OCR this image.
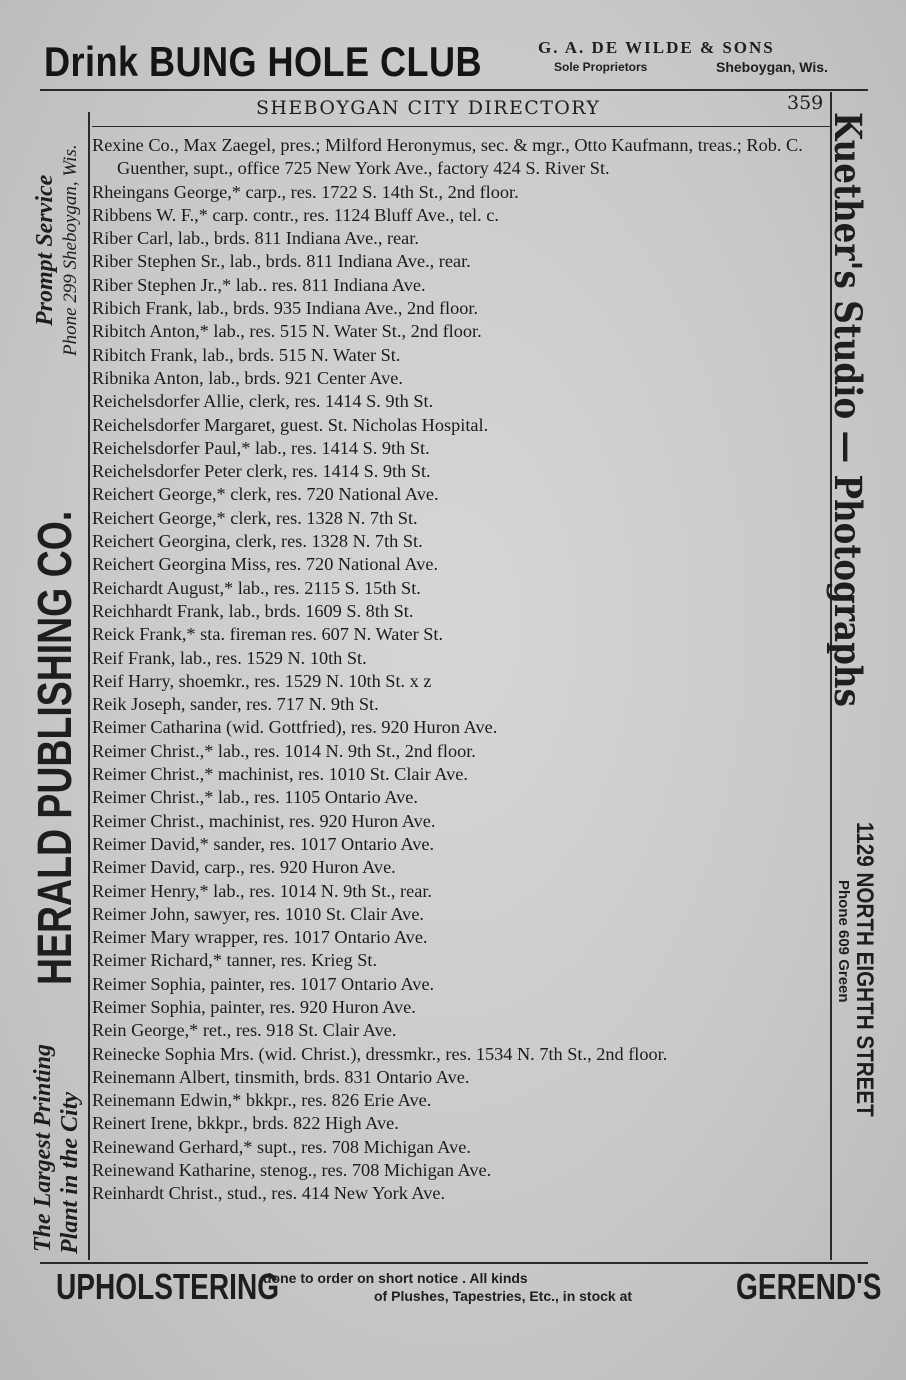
Drink BUNG HOLE CLUB	G. A. DE WILDE & SONS
Sole Proprietors	Sheboygan, Wis.
SHEBOYGAN CITY DIRECTORY	359
Prompt Service Phone 299 Sheboygan, Wis.
HERALD PUBLISHING CO.
The Largest Printing Plant in the City
Kuether's Studio — Photographs
1129 NORTH EIGHTH STREET
Phone 609 Green

Rexine Co., Max Zaegel, pres.; Milford Heronymus, sec. & mgr., Otto Kaufmann, treas.; Rob. C. Guenther, supt., office 725 New York Ave., factory 424 S. River St.

Rheingans George,* carp., res. 1722 S. 14th St., 2nd floor.

Ribbens W. F.,* carp. contr., res. 1124 Bluff Ave., tel. c.

Riber Carl, lab., brds. 811 Indiana Ave., rear.

Riber Stephen Sr., lab., brds. 811 Indiana Ave., rear.

Riber Stephen Jr.,* lab.. res. 811 Indiana Ave.

Ribich Frank, lab., brds. 935 Indiana Ave., 2nd floor.

Ribitch Anton,* lab., res. 515 N. Water St., 2nd floor.

Ribitch Frank, lab., brds. 515 N. Water St.

Ribnika Anton, lab., brds. 921 Center Ave.

Reichelsdorfer Allie, clerk, res. 1414 S. 9th St.

Reichelsdorfer Margaret, guest. St. Nicholas Hospital.

Reichelsdorfer Paul,* lab., res. 1414 S. 9th St.

Reichelsdorfer Peter clerk, res. 1414 S. 9th St.

Reichert George,* clerk, res. 720 National Ave.

Reichert George,* clerk, res. 1328 N. 7th St.

Reichert Georgina, clerk, res. 1328 N. 7th St.

Reichert Georgina Miss, res. 720 National Ave.

Reichardt August,* lab., res. 2115 S. 15th St.

Reichhardt Frank, lab., brds. 1609 S. 8th St.

Reick Frank,* sta. fireman res. 607 N. Water St.

Reif Frank, lab., res. 1529 N. 10th St.

Reif Harry, shoemkr., res. 1529 N. 10th St. x z

Reik Joseph, sander, res. 717 N. 9th St.

Reimer Catharina (wid. Gottfried), res. 920 Huron Ave.

Reimer Christ.,* lab., res. 1014 N. 9th St., 2nd floor.

Reimer Christ.,* machinist, res. 1010 St. Clair Ave.

Reimer Christ.,* lab., res. 1105 Ontario Ave.

Reimer Christ., machinist, res. 920 Huron Ave.

Reimer David,* sander, res. 1017 Ontario Ave.

Reimer David, carp., res. 920 Huron Ave.

Reimer Henry,* lab., res. 1014 N. 9th St., rear.

Reimer John, sawyer, res. 1010 St. Clair Ave.

Reimer Mary wrapper, res. 1017 Ontario Ave.

Reimer Richard,* tanner, res. Krieg St.

Reimer Sophia, painter, res. 1017 Ontario Ave.

Reimer Sophia, painter, res. 920 Huron Ave.

Rein George,* ret., res. 918 St. Clair Ave.

Reinecke Sophia Mrs. (wid. Christ.), dressmkr., res. 1534 N. 7th St., 2nd floor.

Reinemann Albert, tinsmith, brds. 831 Ontario Ave.

Reinemann Edwin,* bkkpr., res. 826 Erie Ave.

Reinert Irene, bkkpr., brds. 822 High Ave.

Reinewand Gerhard,* supt., res. 708 Michigan Ave.

Reinewand Katharine, stenog., res. 708 Michigan Ave.

Reinhardt Christ., stud., res. 414 New York Ave.

UPHOLSTERING
done to order on short notice . All kinds
of Plushes, Tapestries, Etc., in stock at	GEREND'S
